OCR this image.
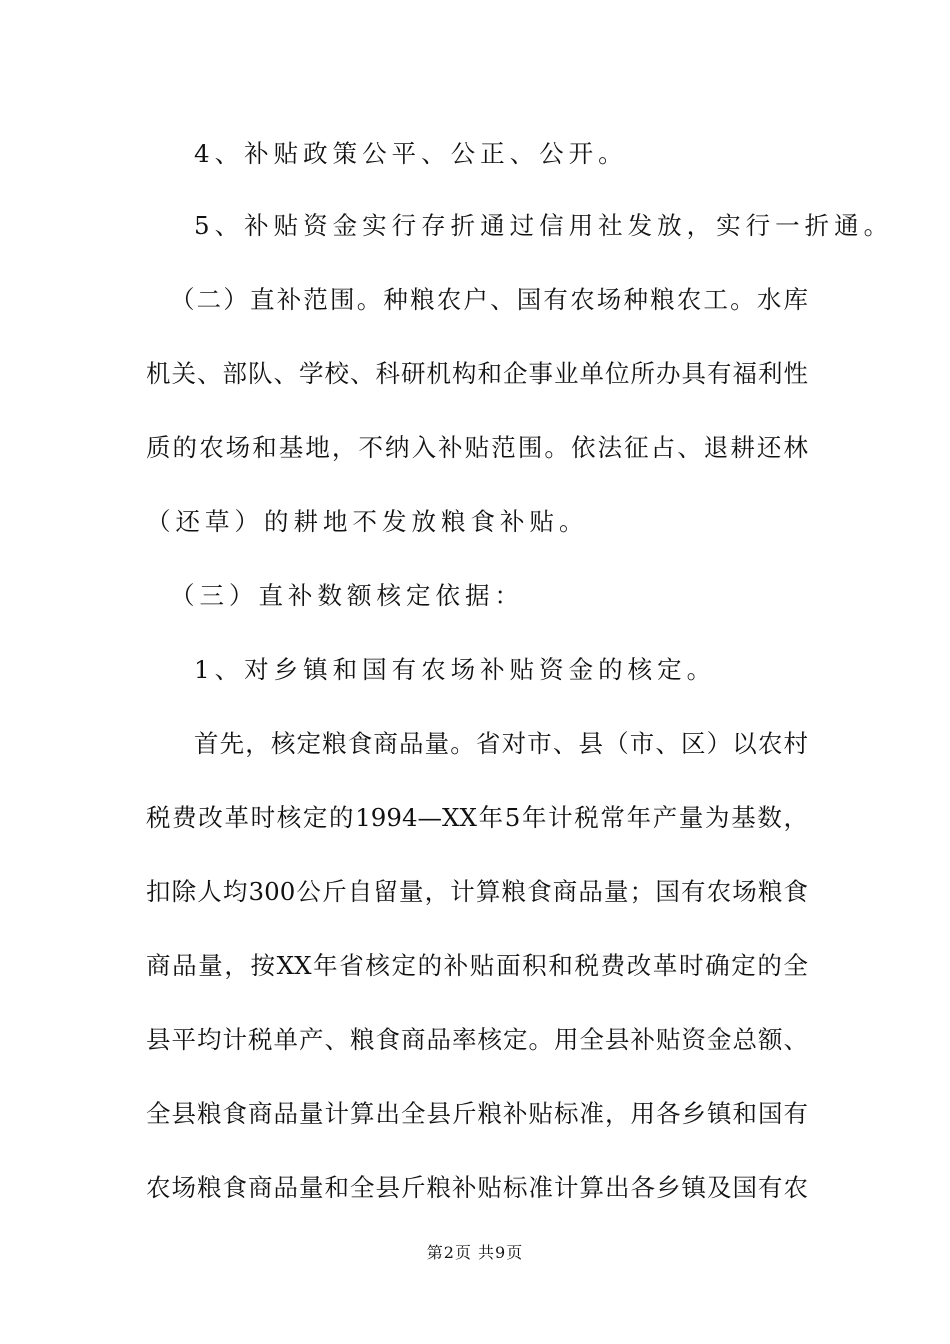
4、补贴政策公平、公正、公开。
5、补贴资金实行存折通过信用社发放，实行一折通。
（二）直补范围。种粮农户、国有农场种粮农工。水库
机关、部队、学校、科研机构和企事业单位所办具有福利性
质的农场和基地，不纳入补贴范围。依法征占、退耕还林
（还草）的耕地不发放粮食补贴。
（三）直补数额核定依据：
1、对乡镇和国有农场补贴资金的核定。
首先，核定粮食商品量。省对市、县（市、区）以农村
税费改革时核定的1994—XX年5年计税常年产量为基数，
扣除人均300公斤自留量，计算粮食商品量；国有农场粮食
商品量，按XX年省核定的补贴面积和税费改革时确定的全
县平均计税单产、粮食商品率核定。用全县补贴资金总额、
全县粮食商品量计算出全县斤粮补贴标准，用各乡镇和国有
农场粮食商品量和全县斤粮补贴标准计算出各乡镇及国有农
第2页 共9页
